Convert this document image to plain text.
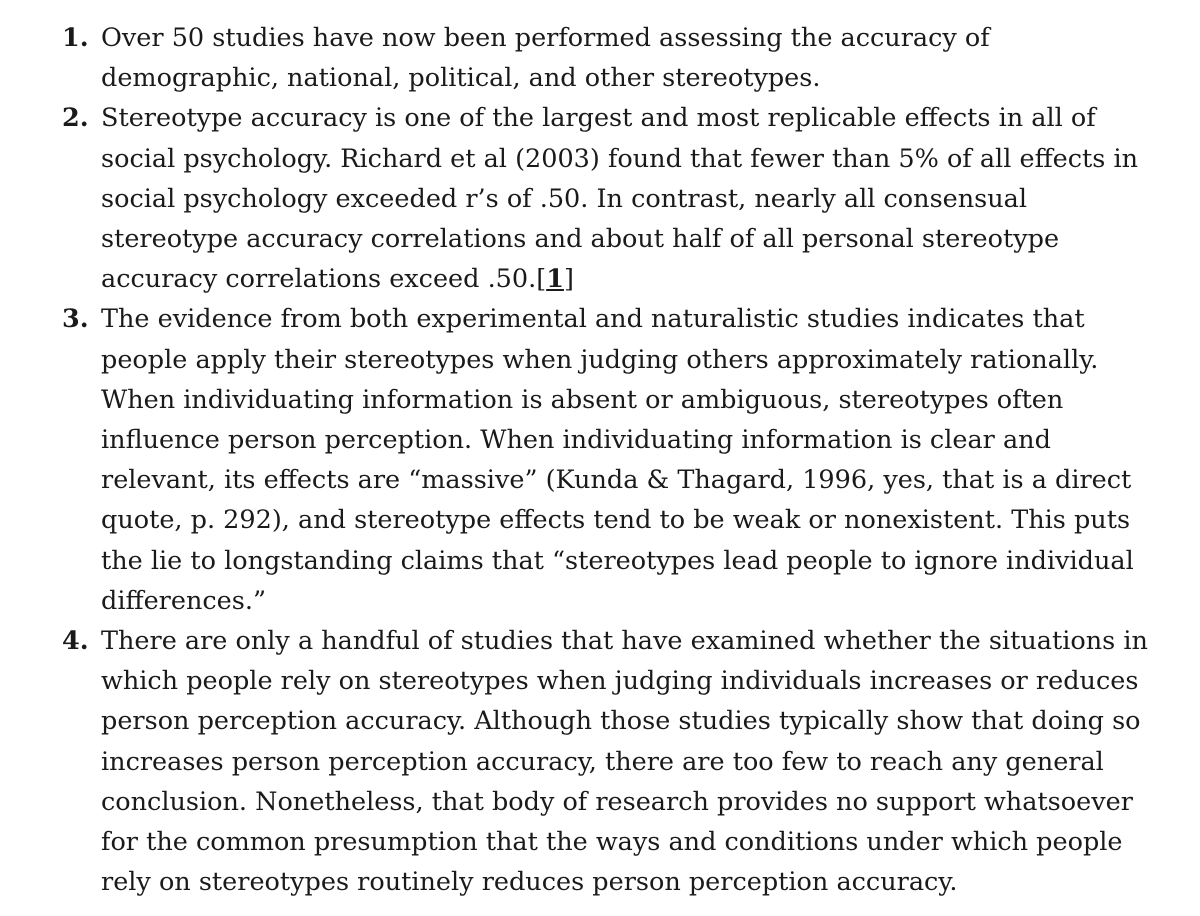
1. Over 50 studies have now been performed assessing the accuracy of demographic, national, political, and other stereotypes.
2. Stereotype accuracy is one of the largest and most replicable effects in all of social psychology. Richard et al (2003) found that fewer than 5% of all effects in social psychology exceeded r’s of .50. In contrast, nearly all consensual stereotype accuracy correlations and about half of all personal stereotype accuracy correlations exceed .50.[1]
3. The evidence from both experimental and naturalistic studies indicates that people apply their stereotypes when judging others approximately rationally. When individuating information is absent or ambiguous, stereotypes often influence person perception. When individuating information is clear and relevant, its effects are “massive” (Kunda & Thagard, 1996, yes, that is a direct quote, p. 292), and stereotype effects tend to be weak or nonexistent. This puts the lie to longstanding claims that “stereotypes lead people to ignore individual differences.”
4. There are only a handful of studies that have examined whether the situations in which people rely on stereotypes when judging individuals increases or reduces person perception accuracy. Although those studies typically show that doing so increases person perception accuracy, there are too few to reach any general conclusion. Nonetheless, that body of research provides no support whatsoever for the common presumption that the ways and conditions under which people rely on stereotypes routinely reduces person perception accuracy.
